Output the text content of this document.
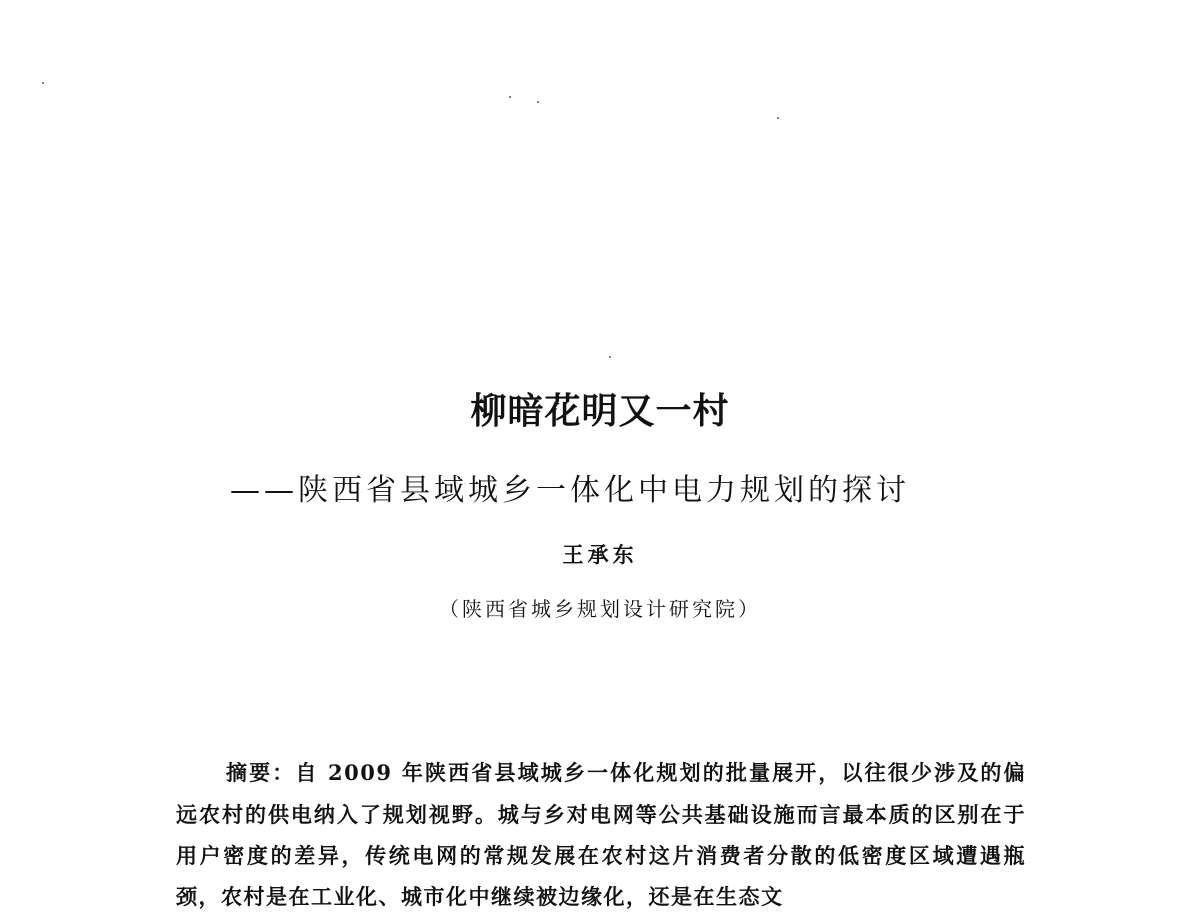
柳暗花明又一村
——陕西省县域城乡一体化中电力规划的探讨
王承东
（陕西省城乡规划设计研究院）

摘要：自 2009 年陕西省县域城乡一体化规划的批量展开，以往很少涉及的偏远农村的供电纳入了规划视野。城与乡对电网等公共基础设施而言最本质的区别在于用户密度的差异，传统电网的常规发展在农村这片消费者分散的低密度区域遭遇瓶颈，农村是在工业化、城市化中继续被边缘化，还是在生态文
